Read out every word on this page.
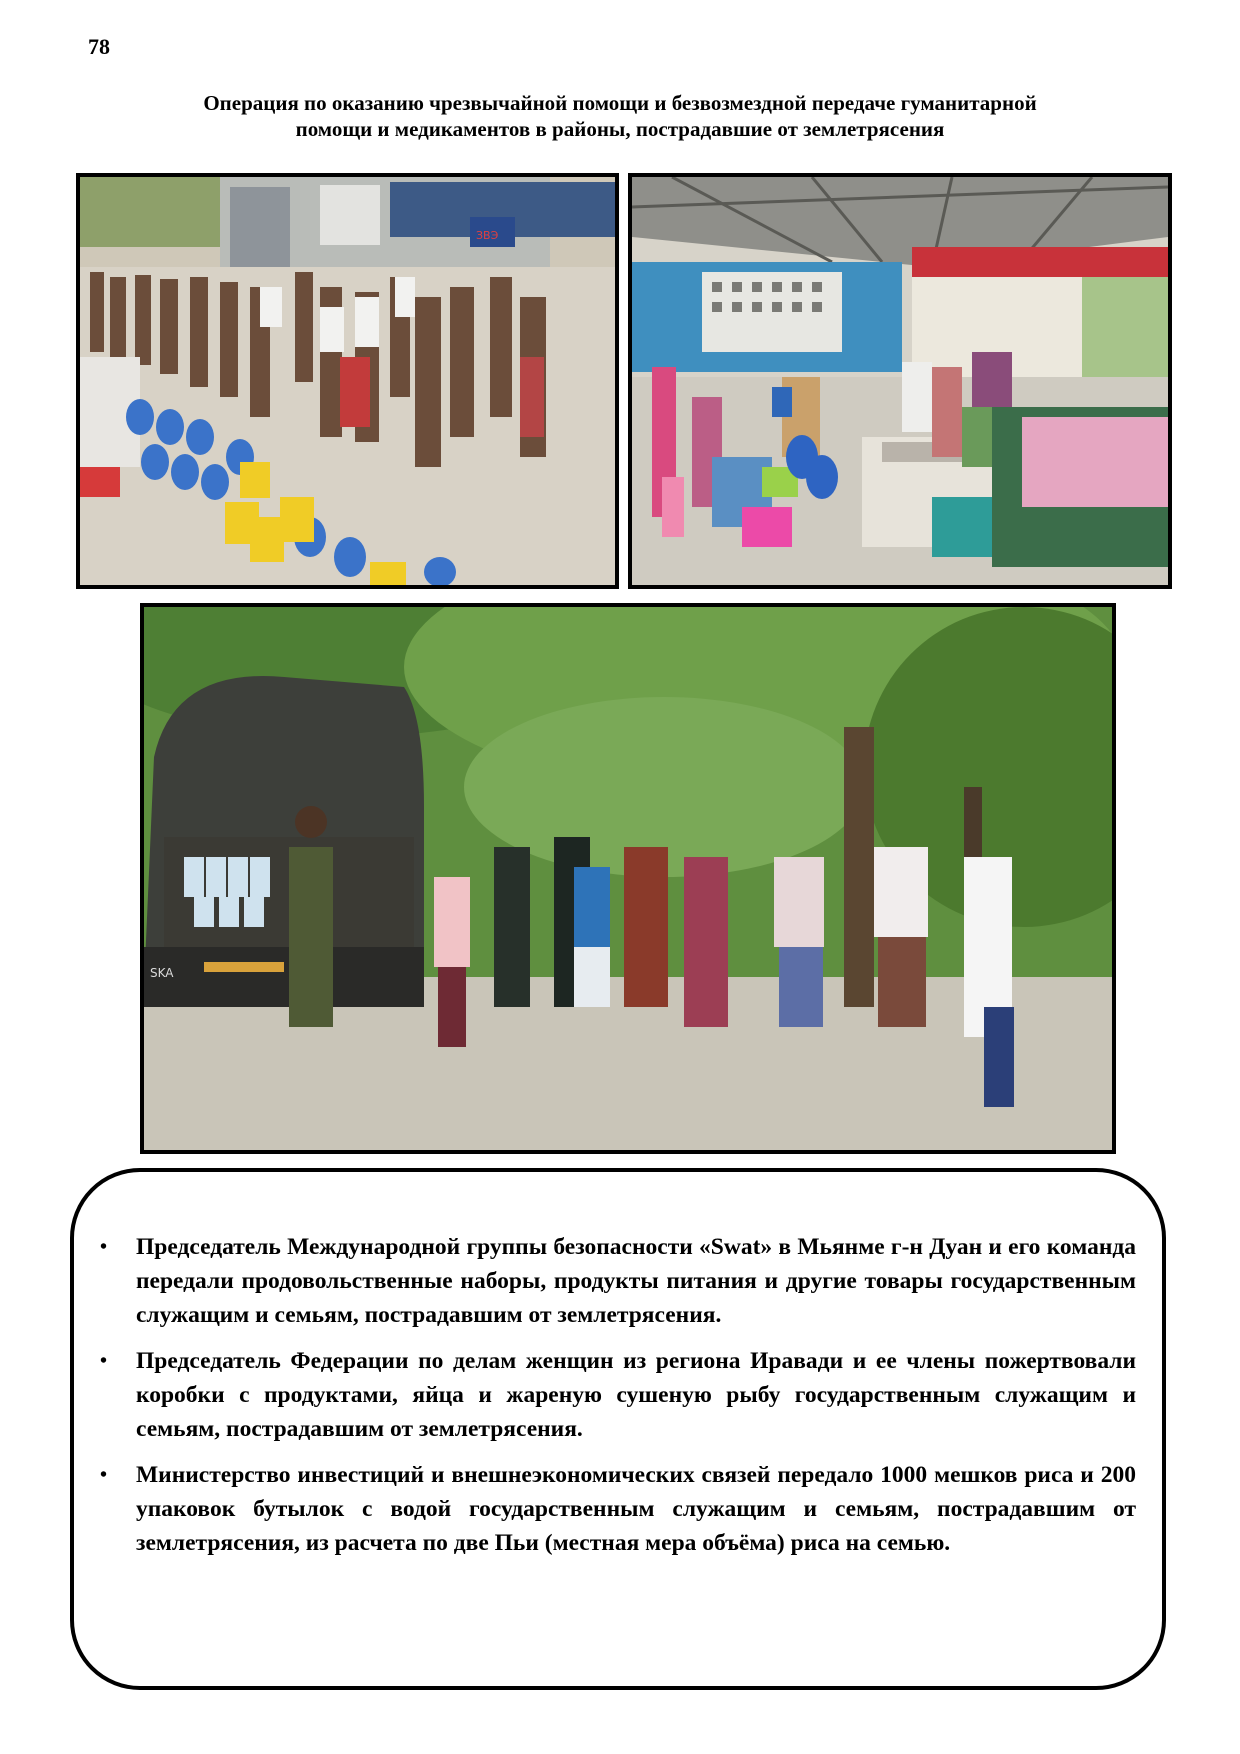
78
Операция по оказанию чрезвычайной помощи и безвозмездной передаче гуманитарной
помощи и медикаментов в районы, пострадавшие от землетрясения
ЗВЭ
SKA
• Председатель Международной группы безопасности «Swat» в Мьянме г-н Дуан и его команда передали продовольственные наборы, продукты питания и другие товары государственным служащим и семьям, пострадавшим от землетрясения.
• Председатель Федерации по делам женщин из региона Иравади и ее члены пожертвовали коробки с продуктами, яйца и жареную сушеную рыбу государственным служащим и семьям, пострадавшим от землетрясения.
• Министерство инвестиций и внешнеэкономических связей передало 1000 мешков риса и 200 упаковок бутылок с водой государственным служащим и семьям, пострадавшим от землетрясения, из расчета по две Пьи (местная мера объёма) риса на семью.
